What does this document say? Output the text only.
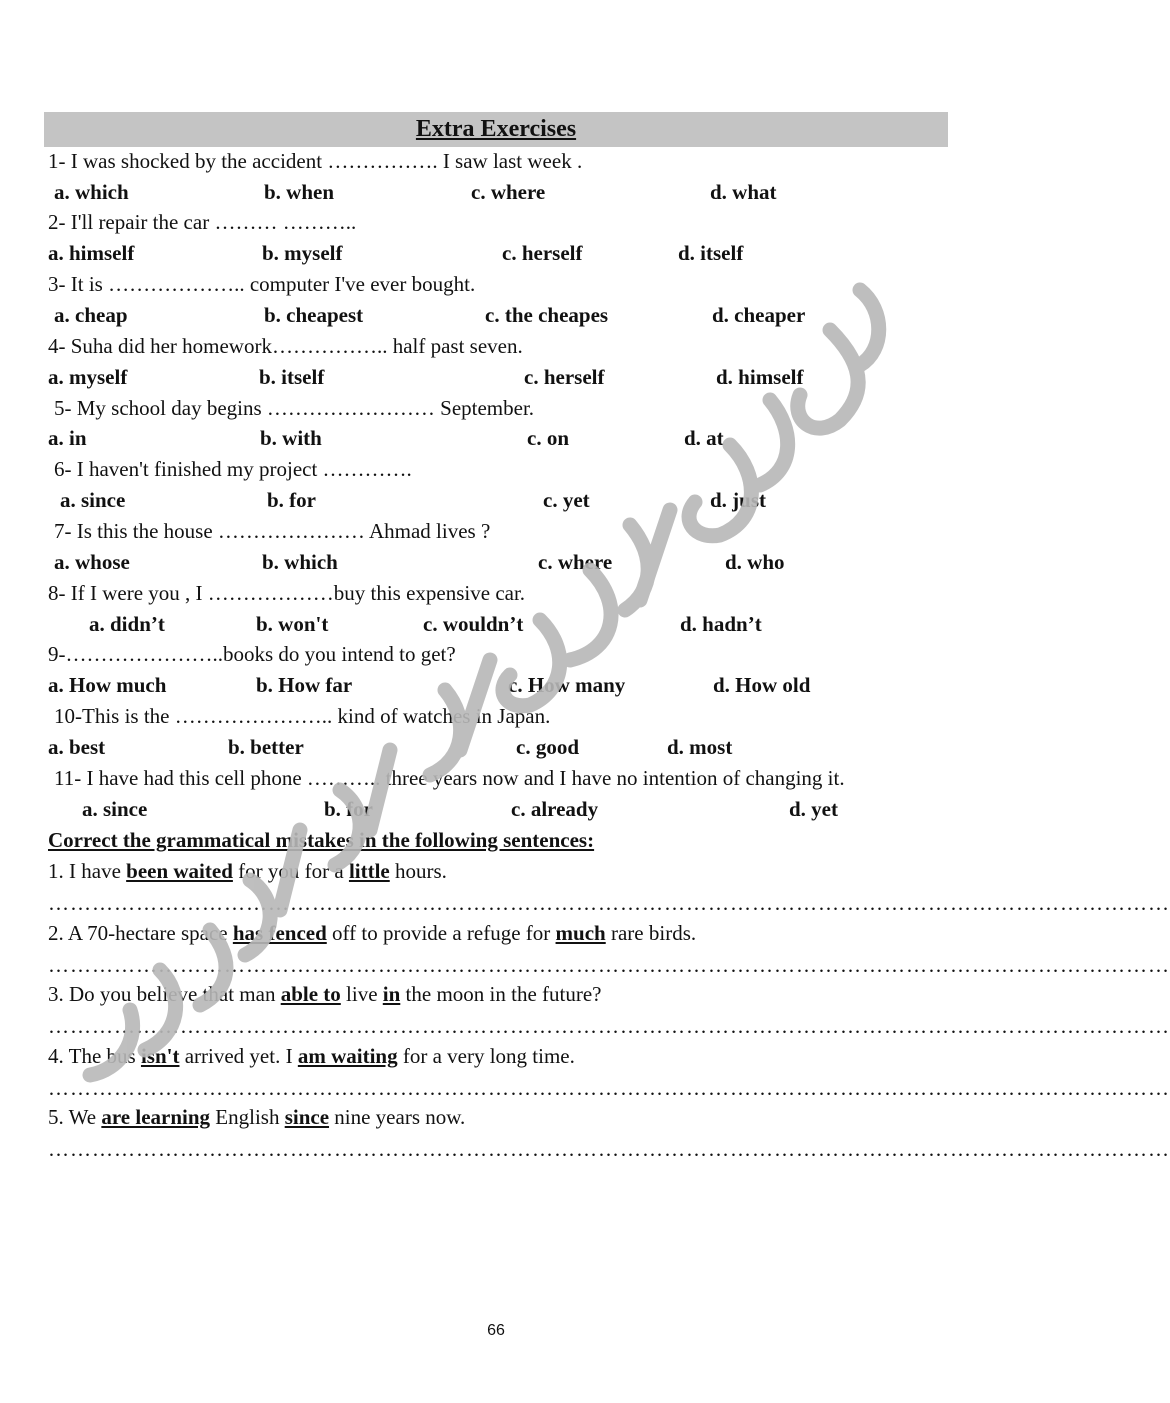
Extra Exercises
1- I was shocked by the accident ……………. I saw last week .
a. which	b. when	c. where	d. what
2- I'll repair the car ……… ………..
a. himself	b. myself	c. herself	d. itself
3- It is ……………….. computer I've ever bought.
a. cheap	b. cheapest	c. the cheapes	d. cheaper
4- Suha did her homework…………….. half past seven.
a. myself	b. itself	c. herself	d. himself
5- My school day begins …………………… September.
a. in	b. with	c. on	d. at
6- I haven't finished my project ………….
a. since	b. for	c. yet	d. just
7- Is this the house ………………… Ahmad lives ?
a. whose	b. which	c. where	d. who
8- If I were you , I ………………buy this expensive car.
a. didn’t	b. won't	c. wouldn’t	d. hadn’t
9-…………………..books do you intend to get?
a. How much	b. How far	c. How many	d. How old
10-This is the ………………….. kind of watches in Japan.
a. best	b. better	c. good	d. most
11- I have had this cell phone ……….. three years now and I have no intention of changing it.
a. since	b. for	c. already	d. yet
Correct the grammatical mistakes in the following sentences:
1. I have been waited for you for a little hours.
………………………………………………………………………………………………………………………………………
2. A 70-hectare space has fenced off to provide a refuge for much rare birds.
………………………………………………………………………………………………………………………………………
3. Do you believe that man able to live in the moon in the future?
………………………………………………………………………………………………………………………………………
4. The bus isn't arrived yet. I am waiting for a very long time.
………………………………………………………………………………………………………………………………………
5. We are learning English since nine years now.
………………………………………………………………………………………………………………………………………
66
